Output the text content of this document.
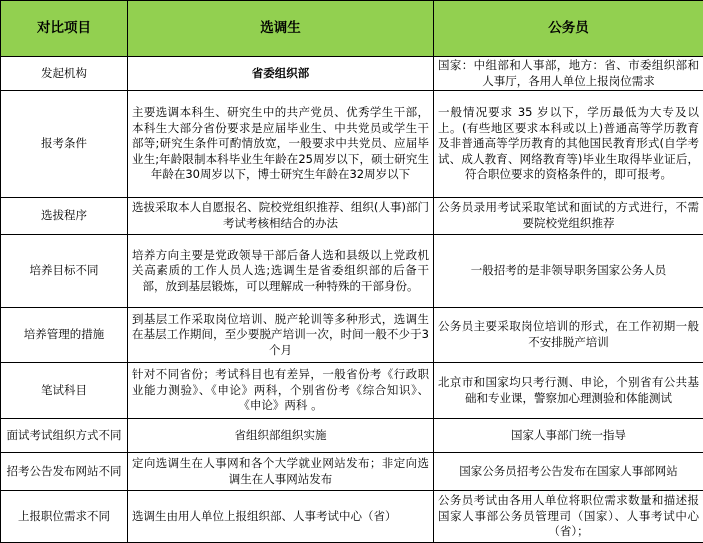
对比项目	选调生	公务员
发起机构	省委组织部	国家：中组部和人事部，地方：省、市委组织部和人事厅，各用人单位上报岗位需求
报考条件	主要选调本科生、研究生中的共产党员、优秀学生干部，本科生大部分省份要求是应届毕业生、中共党员或学生干部等;研究生条件可酌情放宽，一般要求中共党员、应届毕业生;年龄限制本科毕业生年龄在25周岁以下，硕士研究生年龄在30周岁以下，博士研究生年龄在32周岁以下	一般情况要求 35 岁以下，学历最低为大专及以上。(有些地区要求本科或以上)普通高等学历教育及非普通高等学历教育的其他国民教育形式(自学考试、成人教育、网络教育等)毕业生取得毕业证后，符合职位要求的资格条件的，即可报考。
选拔程序	选拔采取本人自愿报名、院校党组织推荐、组织(人事)部门考试考核相结合的办法	公务员录用考试采取笔试和面试的方式进行，不需要院校党组织推荐
培养目标不同	培养方向主要是党政领导干部后备人选和县级以上党政机关高素质的工作人员人选;选调生是省委组织部的后备干部，放到基层锻炼，可以理解成一种特殊的干部身份。	一般招考的是非领导职务国家公务人员
培养管理的措施	到基层工作采取岗位培训、脱产轮训等多种形式，选调生在基层工作期间，至少要脱产培训一次，时间一般不少于3个月	公务员主要采取岗位培训的形式，在工作初期一般不安排脱产培训
笔试科目	针对不同省份；考试科目也有差异，一般省份考《行政职业能力测验》、《申论》两科，个别省份考《综合知识》、《申论》两科 。	北京市和国家均只考行测、申论，个别省有公共基础和专业课，警察加心理测验和体能测试
面试考试组织方式不同	省组织部组织实施	国家人事部门统一指导
招考公告发布网站不同	定向选调生在人事网和各个大学就业网站发布；非定向选调生在人事网站发布	国家公务员招考公告发布在国家人事部网站
上报职位需求不同	选调生由用人单位上报组织部、人事考试中心（省）	公务员考试由各用人单位将职位需求数量和描述报国家人事部公务员管理司（国家）、人事考试中心（省）；
